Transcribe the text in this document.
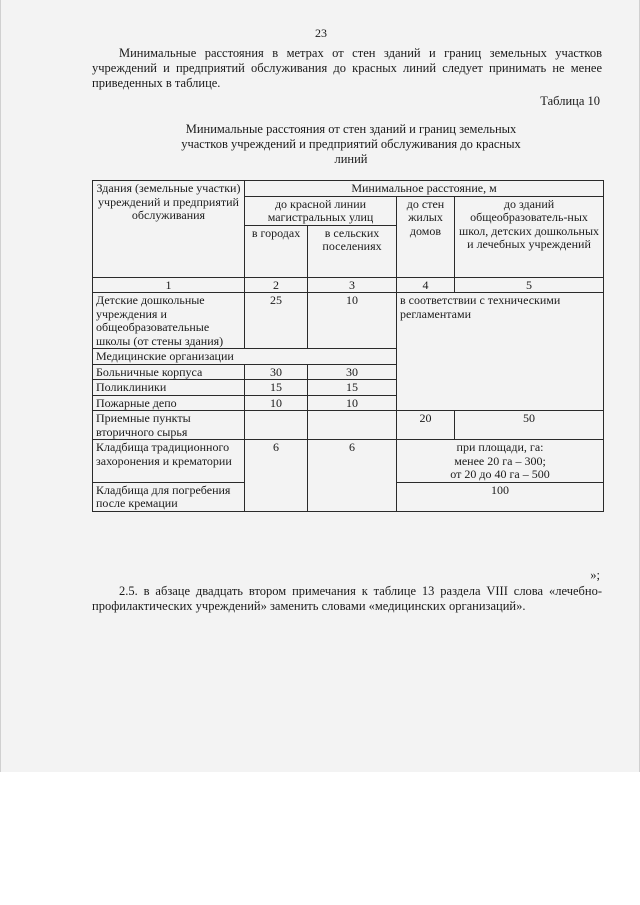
23

Минимальные расстояния в метрах от стен зданий и границ земельных участков учреждений и предприятий обслуживания до красных линий следует принимать не менее приведенных в таблице.

Таблица 10

Минимальные расстояния от стен зданий и границ земельных
участков учреждений и предприятий обслуживания до красных
линий

Здания (земельные участки) учреждений и предприятий обслуживания	Минимальное расстояние, м			
	до красной линии магистральных улиц		до стен жилых домов	до зданий общеобразователь-ных школ, детских дошкольных и лечебных учреждений
	в городах	в сельских поселениях		
1	2	3	4	5
Детские дошкольные учреждения и общеобразовательные школы (от стены здания)	25	10	в соответствии с техническими регламентами	
Медицинские организации				
Больничные корпуса	30	30		
Поликлиники	15	15		
Пожарные депо	10	10		
Приемные пункты вторичного сырья			20	50
Кладбища традиционного захоронения и крематории	6	6	при площади, га:
менее 20 га – 300;
от 20 до 40 га – 500	

Кладбища для погребения после кремации			100	
»;

2.5. в абзаце двадцать втором примечания к таблице 13 раздела VIII слова «лечебно-профилактических учреждений» заменить словами «медицинских организаций».
